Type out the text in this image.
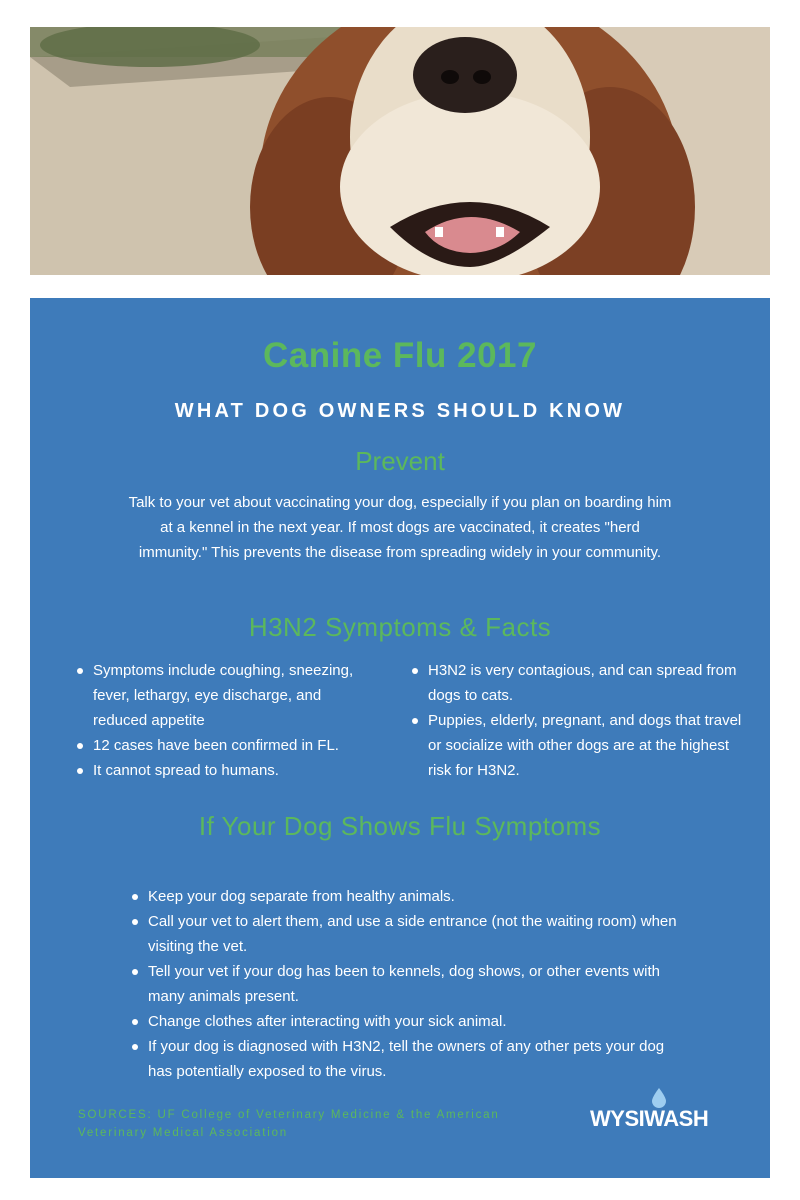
Canine Flu 2017
WHAT DOG OWNERS SHOULD KNOW
Prevent
Talk to your vet about vaccinating your dog, especially if you plan on boarding him at a kennel in the next year. If most dogs are vaccinated, it creates "herd immunity." This prevents the disease from spreading widely in your community.
H3N2 Symptoms & Facts
Symptoms include coughing, sneezing, fever, lethargy, eye discharge, and reduced appetite
12 cases have been confirmed in FL.
It cannot spread to humans.
H3N2 is very contagious, and can spread from dogs to cats.
Puppies, elderly, pregnant, and dogs that travel or socialize with other dogs are at the highest risk for H3N2.
If Your Dog Shows Flu Symptoms
Keep your dog separate from healthy animals.
Call your vet to alert them, and use a side entrance (not the waiting room) when visiting the vet.
Tell your vet if your dog has been to kennels, dog shows, or other events with many animals present.
Change clothes after interacting with your sick animal.
If your dog is diagnosed with H3N2, tell the owners of any other pets your dog has potentially exposed to the virus.
SOURCES: UF College of Veterinary Medicine & the American Veterinary Medical Association
WYSIWASH
